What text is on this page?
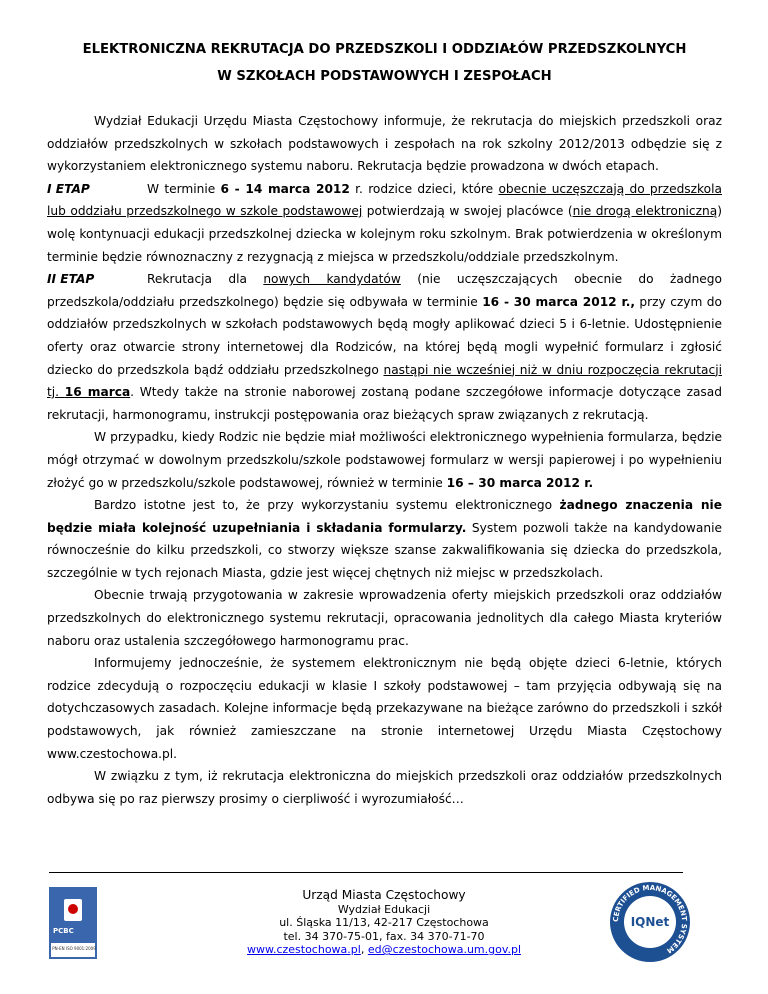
ELEKTRONICZNA REKRUTACJA DO PRZEDSZKOLI I ODDZIAŁÓW PRZEDSZKOLNYCH
W SZKOŁACH PODSTAWOWYCH I ZESPOŁACH

Wydział Edukacji Urzędu Miasta Częstochowy informuje, że rekrutacja do miejskich przedszkoli oraz oddziałów przedszkolnych w szkołach podstawowych i zespołach na rok szkolny 2012/2013 odbędzie się z wykorzystaniem elektronicznego systemu naboru. Rekrutacja będzie prowadzona w dwóch etapach.

I ETAP	W terminie 6 - 14 marca 2012 r. rodzice dzieci, które obecnie uczęszczają do przedszkola lub oddziału przedszkolnego w szkole podstawowej potwierdzają w swojej placówce (nie drogą elektroniczną) wolę kontynuacji edukacji przedszkolnej dziecka w kolejnym roku szkolnym. Brak potwierdzenia w określonym terminie będzie równoznaczny z rezygnacją z miejsca w przedszkolu/oddziale przedszkolnym.

II ETAP	Rekrutacja dla nowych kandydatów (nie uczęszczających obecnie do żadnego przedszkola/oddziału przedszkolnego) będzie się odbywała w terminie 16 - 30 marca 2012 r., przy czym do oddziałów przedszkolnych w szkołach podstawowych będą mogły aplikować dzieci 5 i 6-letnie. Udostępnienie oferty oraz otwarcie strony internetowej dla Rodziców, na której będą mogli wypełnić formularz i zgłosić dziecko do przedszkola bądź oddziału przedszkolnego nastąpi nie wcześniej niż w dniu rozpoczęcia rekrutacji tj. 16 marca. Wtedy także na stronie naborowej zostaną podane szczegółowe informacje dotyczące zasad rekrutacji, harmonogramu, instrukcji postępowania oraz bieżących spraw związanych z rekrutacją.

W przypadku, kiedy Rodzic nie będzie miał możliwości elektronicznego wypełnienia formularza, będzie mógł otrzymać w dowolnym przedszkolu/szkole podstawowej formularz w wersji papierowej i po wypełnieniu złożyć go w przedszkolu/szkole podstawowej, również w terminie 16 – 30 marca 2012 r.

Bardzo istotne jest to, że przy wykorzystaniu systemu elektronicznego żadnego znaczenia nie będzie miała kolejność uzupełniania i składania formularzy. System pozwoli także na kandydowanie równocześnie do kilku przedszkoli, co stworzy większe szanse zakwalifikowania się dziecka do przedszkola, szczególnie w tych rejonach Miasta, gdzie jest więcej chętnych niż miejsc w przedszkolach.

Obecnie trwają przygotowania w zakresie wprowadzenia oferty miejskich przedszkoli oraz oddziałów przedszkolnych do elektronicznego systemu rekrutacji, opracowania jednolitych dla całego Miasta kryteriów naboru oraz ustalenia szczegółowego harmonogramu prac.

Informujemy jednocześnie, że systemem elektronicznym nie będą objęte dzieci 6-letnie, których rodzice zdecydują o rozpoczęciu edukacji w klasie I szkoły podstawowej – tam przyjęcia odbywają się na dotychczasowych zasadach. Kolejne informacje będą przekazywane na bieżące zarówno do przedszkoli i szkół podstawowych, jak również zamieszczane na stronie internetowej Urzędu Miasta Częstochowy www.czestochowa.pl.

W związku z tym, iż rekrutacja elektroniczna do miejskich przedszkoli oraz oddziałów przedszkolnych odbywa się po raz pierwszy prosimy o cierpliwość i wyrozumiałość…

PCBC
PN-EN ISO 9001:2009
Urząd Miasta Częstochowy
Wydział Edukacji
ul. Śląska 11/13, 42-217 Częstochowa
tel. 34 370-75-01, fax. 34 370-71-70
www.czestochowa.pl, ed@czestochowa.um.gov.pl
CERTIFIED MANAGEMENT SYSTEM
IQNet
